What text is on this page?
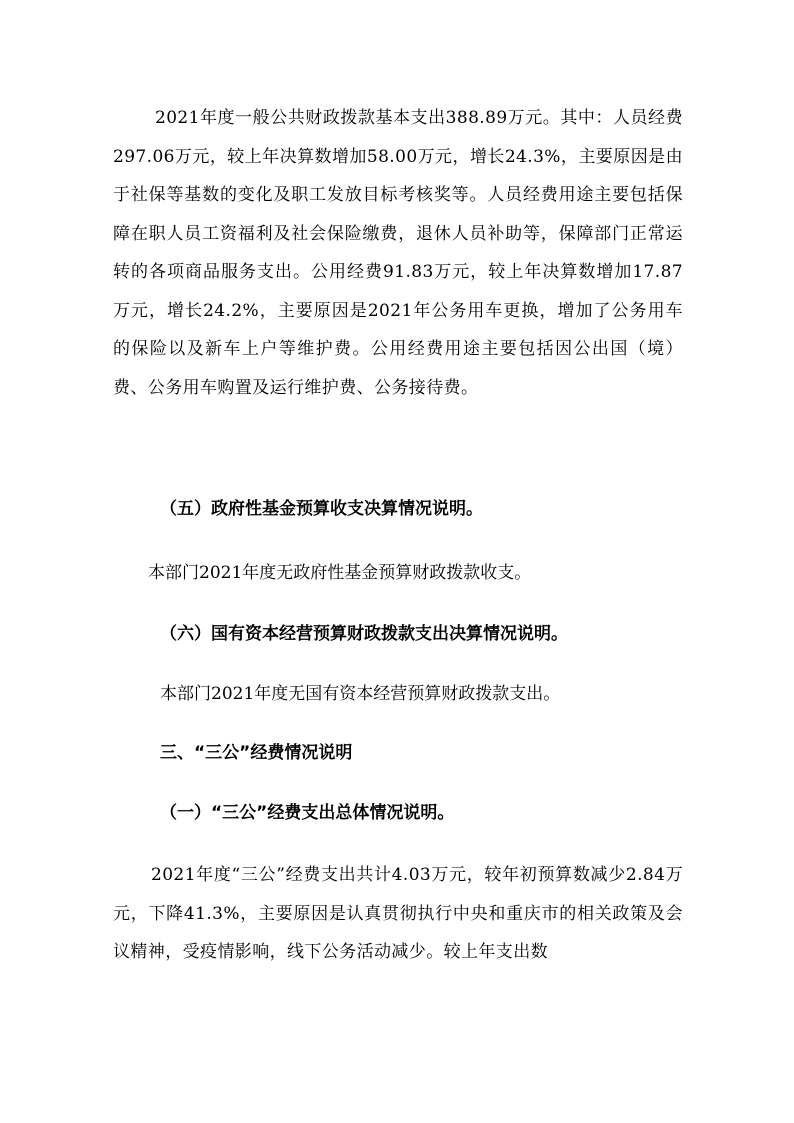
2021年度一般公共财政拨款基本支出388.89万元。其中：人员经费297.06万元，较上年决算数增加58.00万元，增长24.3%，主要原因是由于社保等基数的变化及职工发放目标考核奖等。人员经费用途主要包括保障在职人员工资福利及社会保险缴费，退休人员补助等，保障部门正常运转的各项商品服务支出。公用经费91.83万元，较上年决算数增加17.87万元，增长24.2%，主要原因是2021年公务用车更换，增加了公务用车的保险以及新车上户等维护费。公用经费用途主要包括因公出国（境）费、公务用车购置及运行维护费、公务接待费。

（五）政府性基金预算收支决算情况说明。

本部门2021年度无政府性基金预算财政拨款收支。

（六）国有资本经营预算财政拨款支出决算情况说明。

本部门2021年度无国有资本经营预算财政拨款支出。

三、“三公”经费情况说明

（一）“三公”经费支出总体情况说明。

2021年度“三公”经费支出共计4.03万元，较年初预算数减少2.84万元，下降41.3%，主要原因是认真贯彻执行中央和重庆市的相关政策及会议精神，受疫情影响，线下公务活动减少。较上年支出数
